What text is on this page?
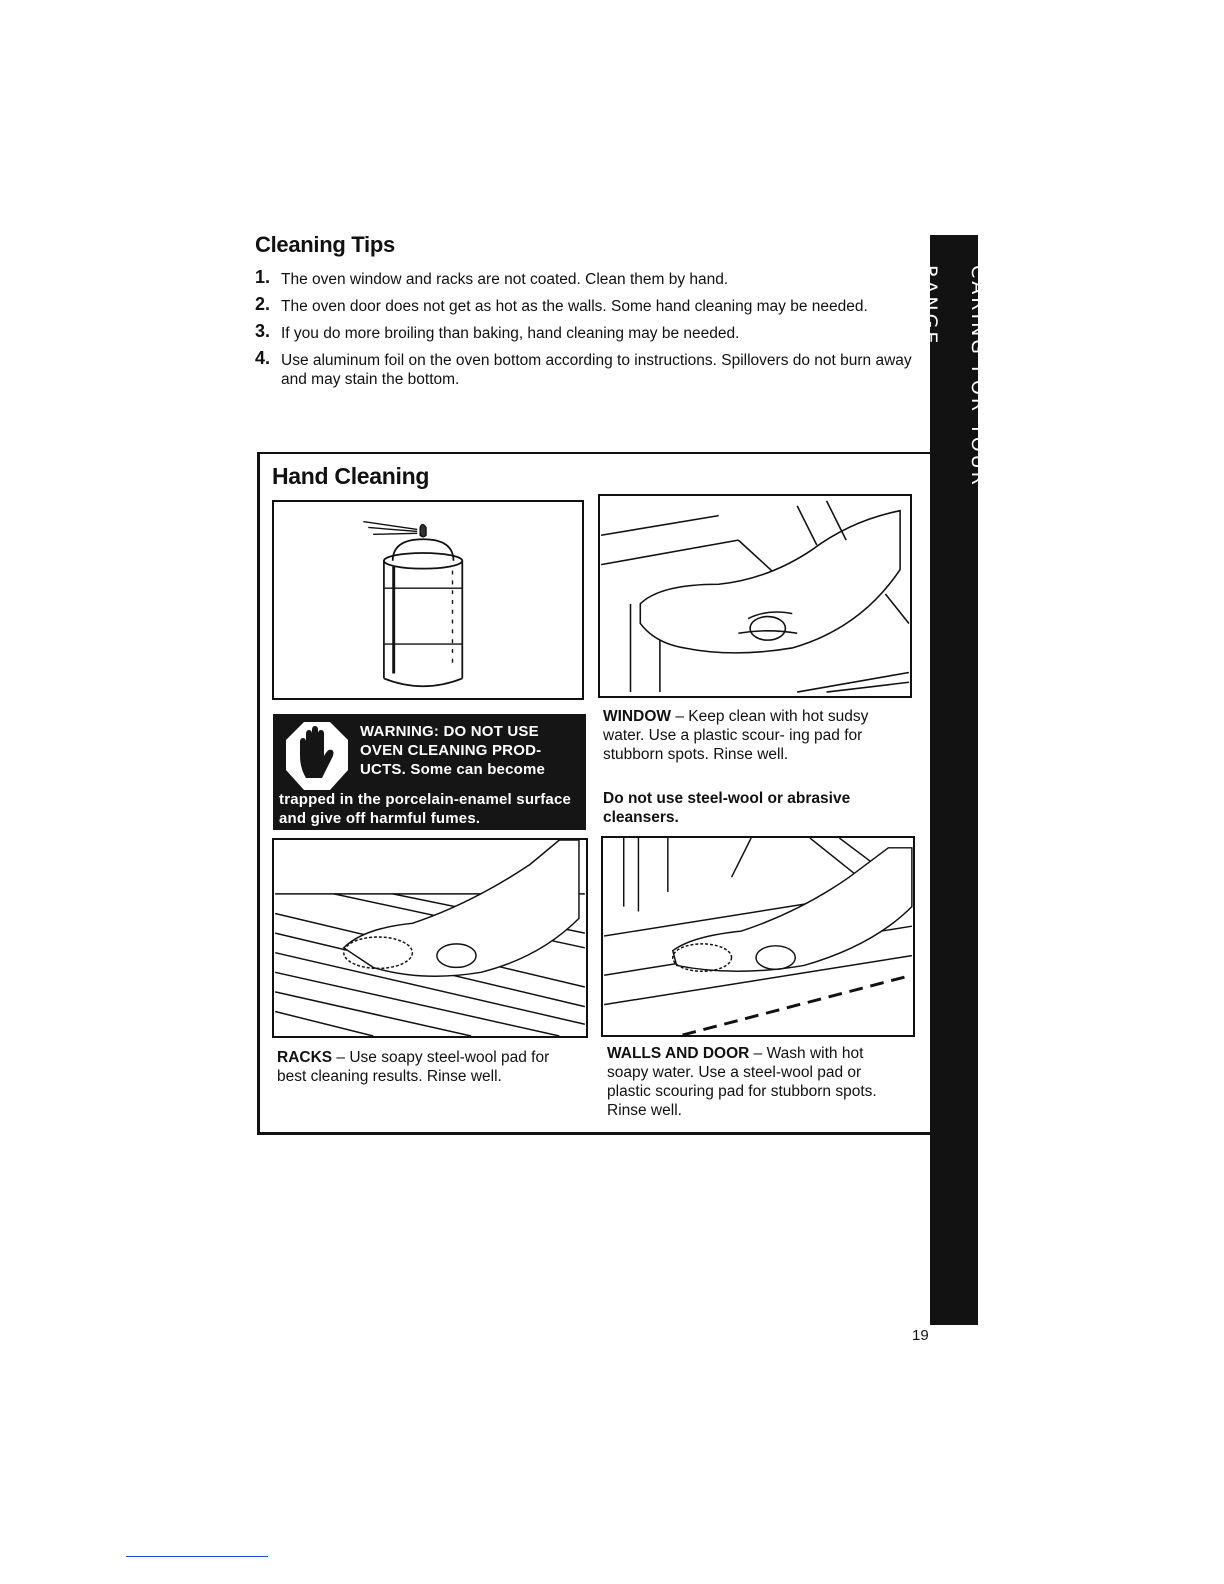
Cleaning Tips
1. The oven window and racks are not coated. Clean them by hand.
2. The oven door does not get as hot as the walls. Some hand cleaning may be needed.
3. If you do more broiling than baking, hand cleaning may be needed.
4. Use aluminum foil on the oven bottom according to instructions. Spillovers do not burn away and may stain the bottom.	CARING FOR YOUR RANGE
Hand Cleaning
WARNING: DO NOT USE OVEN CLEANING PROD- UCTS. Some can become
trapped in the porcelain-enamel surface and give off harmful fumes.
WINDOW – Keep clean with hot sudsy water. Use a plastic scour- ing pad for stubborn spots. Rinse well.
Do not use steel-wool or abrasive cleansers.
RACKS – Use soapy steel-wool pad for best cleaning results. Rinse well.
WALLS AND DOOR – Wash with hot soapy water. Use a steel-wool pad or plastic scouring pad for stubborn spots. Rinse well.
19
